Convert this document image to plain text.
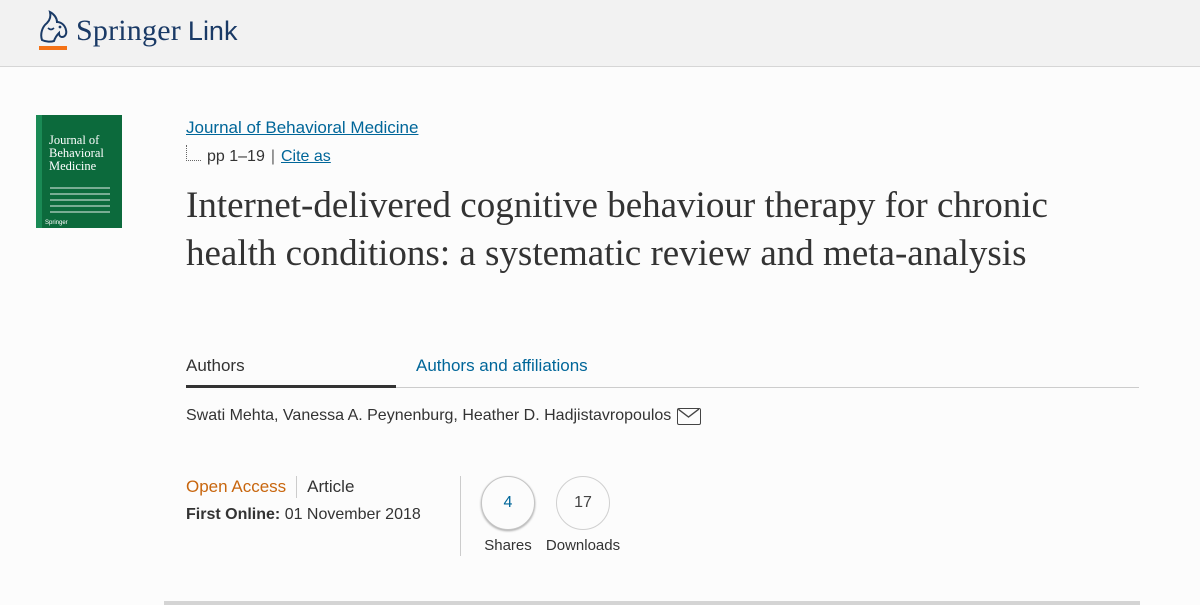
Springer Link
Journal of Behavioral Medicine
Springer
Journal of Behavioral Medicine
pp 1–19 | Cite as
Internet-delivered cognitive behaviour therapy for chronic health conditions: a systematic review and meta-analysis
Authors	Authors and affiliations
Swati Mehta, Vanessa A. Peynenburg, Heather D. Hadjistavropoulos
Open Access Article
First Online: 01 November 2018
4
Shares
17
Downloads
